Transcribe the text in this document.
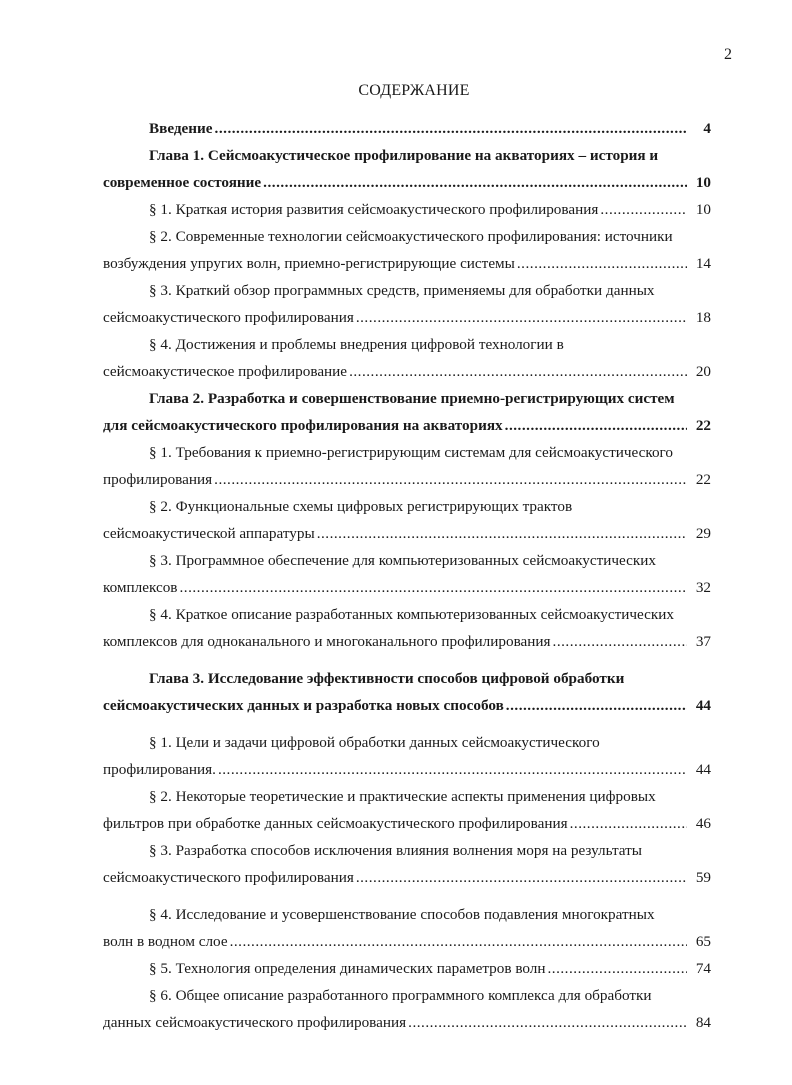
2
СОДЕРЖАНИЕ
Введение .....	4
Глава 1. Сейсмоакустическое профилирование на акваториях – история и
современное состояние .....	10
§ 1. Краткая история развития сейсмоакустического профилирования .....	10
§ 2. Современные технологии сейсмоакустического профилирования: источники
возбуждения упругих волн, приемно-регистрирующие системы .....	14
§ 3. Краткий обзор программных средств, применяемы для обработки данных
сейсмоакустического профилирования .....	18
§ 4. Достижения и проблемы внедрения цифровой технологии в
сейсмоакустическое профилирование .....	20
Глава 2. Разработка и совершенствование приемно-регистрирующих систем
для сейсмоакустического профилирования на акваториях .....	22
§ 1. Требования к приемно-регистрирующим системам для сейсмоакустического
профилирования .....	22
§ 2. Функциональные схемы цифровых регистрирующих трактов
сейсмоакустической аппаратуры .....	29
§ 3. Программное обеспечение для компьютеризованных сейсмоакустических
комплексов .....	32
§ 4. Краткое описание разработанных компьютеризованных сейсмоакустических
комплексов для одноканального и многоканального профилирования .....	37
Глава 3. Исследование эффективности способов цифровой обработки
сейсмоакустических данных и разработка новых способов .....	44
§ 1. Цели и задачи цифровой обработки данных сейсмоакустического
профилирования. .....	44
§ 2. Некоторые теоретические и практические аспекты применения цифровых
фильтров при обработке данных сейсмоакустического профилирования .....	46
§ 3. Разработка способов исключения влияния волнения моря на результаты
сейсмоакустического профилирования .....	59
§ 4. Исследование и усовершенствование способов подавления многократных
волн в водном слое .....	65
§ 5. Технология определения динамических параметров волн .....	74
§ 6. Общее описание разработанного программного комплекса для обработки
данных сейсмоакустического профилирования .....	84
